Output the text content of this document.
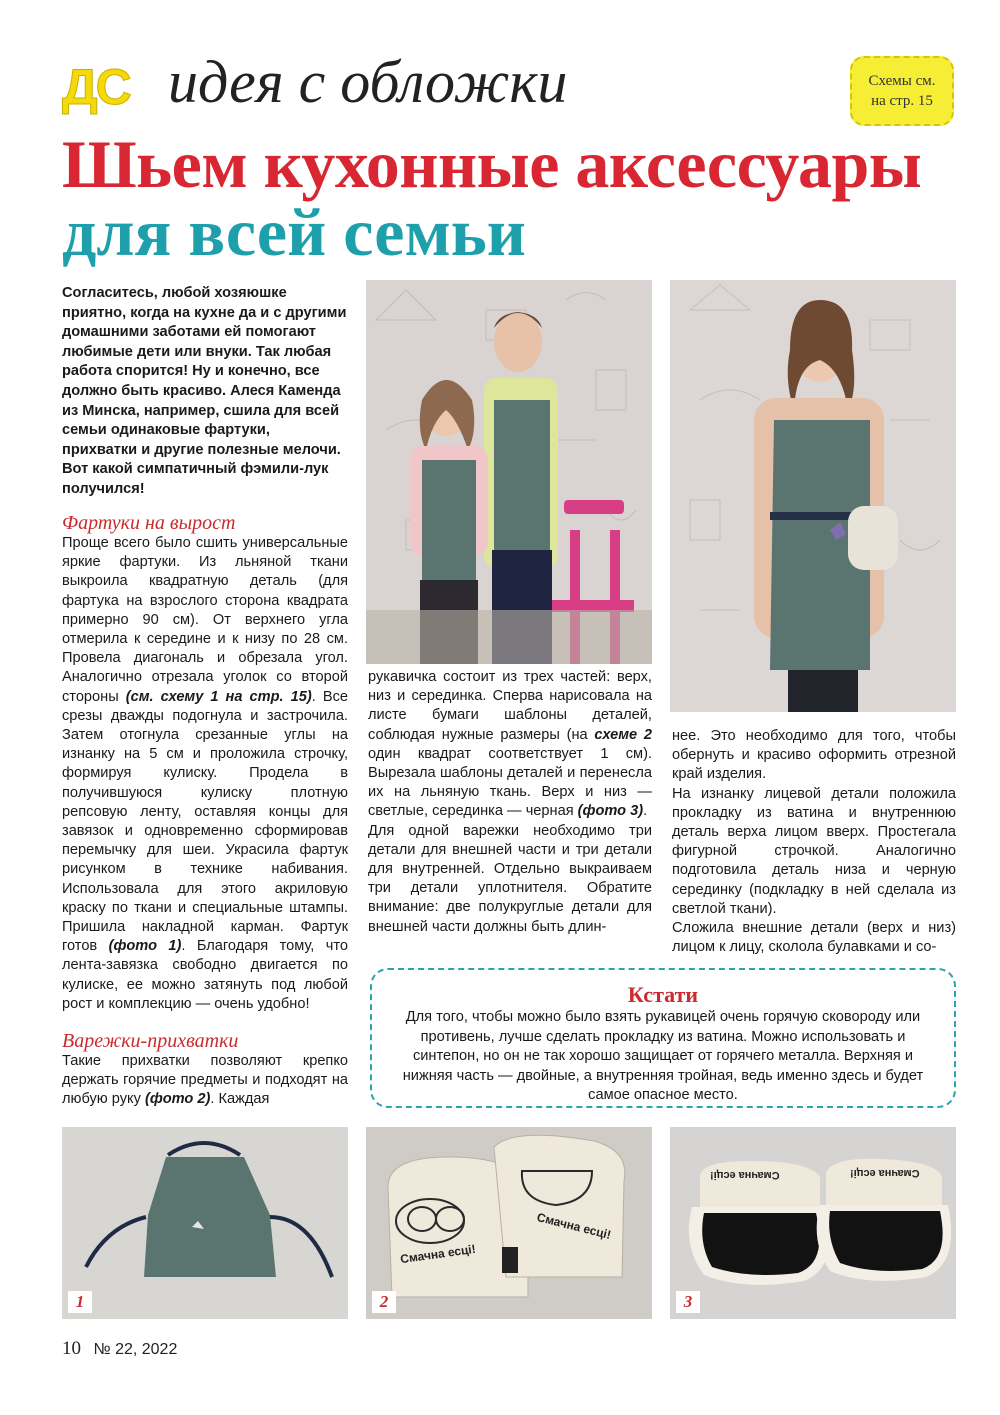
ДС идея с обложки	Схемы см.
на стр. 15
Шьем кухонные аксессуары
для всей семьи
Согласитесь, любой хозяюшке приятно, когда на кухне да и с другими домашними заботами ей помогают любимые дети или внуки. Так любая работа спорится! Ну и конечно, все должно быть красиво. Алеся Каменда из Минска, например, сшила для всей семьи одинаковые фартуки, прихватки и другие полезные мелочи. Вот какой симпатичный фэмили-лук получился!
Фартуки на вырост

Проще всего было сшить универсальные яркие фартуки. Из льняной ткани выкроила квадратную деталь (для фартука на взрослого сторона квадрата примерно 90 см). От верхнего угла отмерила к середине и к низу по 28 см. Провела диагональ и обрезала угол. Аналогично отрезала уголок со второй стороны (см. схему 1 на стр. 15). Все срезы дважды подогнула и застрочила. Затем отогнула срезанные углы на изнанку на 5 см и проложила строчку, формируя кулиску. Продела в получившуюся кулиску плотную репсовую ленту, оставляя концы для завязок и одновременно сформировав перемычку для шеи. Украсила фартук рисунком в технике набивания. Использовала для этого акриловую краску по ткани и специальные штампы. Пришила накладной карман. Фартук готов (фото 1). Благодаря тому, что лента-завязка свободно двигается по кулиске, ее можно затянуть под любой рост и комплекцию — очень удобно!

Варежки-прихватки

Такие прихватки позволяют крепко держать горячие предметы и подходят на любую руку (фото 2). Каждая

рукавичка состоит из трех частей: верх, низ и серединка. Сперва нарисовала на листе бумаги шаблоны деталей, соблюдая нужные размеры (на схеме 2 один квадрат соответствует 1 см). Вырезала шаблоны деталей и перенесла их на льняную ткань. Верх и низ — светлые, серединка — черная (фото 3).

Для одной варежки необходимо три детали для внешней части и три детали для внутренней. Отдельно выкраиваем три детали уплотнителя. Обратите внимание: две полукруглые детали для внешней части должны быть длин-

нее. Это необходимо для того, чтобы обернуть и красиво оформить отрезной край изделия.

На изнанку лицевой детали положила прокладку из ватина и внутреннюю деталь верха лицом вверх. Простегала фигурной строчкой. Аналогично подготовила деталь низа и черную серединку (подкладку в ней сделала из светлой ткани).

Сложила внешние детали (верх и низ) лицом к лицу, сколола булавками и со-

Кстати
Для того, чтобы можно было взять рукавицей очень горячую сковороду или противень, лучше сделать прокладку из ватина. Можно использовать и синтепон, но он не так хорошо защищает от горячего металла. Верхняя и нижняя часть — двойные, а внутренняя тройная, ведь именно здесь и будет самое опасное место.
1
Смачна есці!
Смачна есці!
2
Смачна есці!	Смачна есці!
3
10 № 22, 2022
